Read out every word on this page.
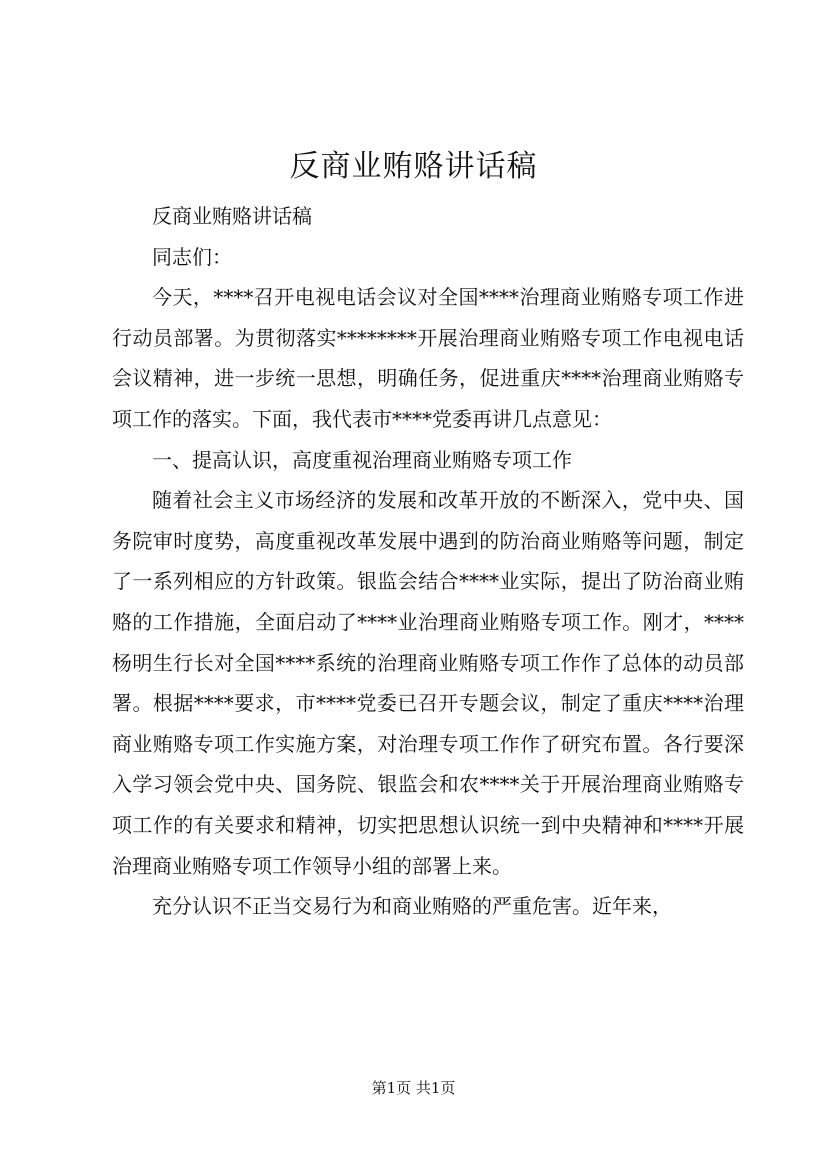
反商业贿赂讲话稿

反商业贿赂讲话稿

同志们：

今天，****召开电视电话会议对全国****治理商业贿赂专项工作进行动员部署。为贯彻落实********开展治理商业贿赂专项工作电视电话会议精神，进一步统一思想，明确任务，促进重庆****治理商业贿赂专项工作的落实。下面，我代表市****党委再讲几点意见：

一、提高认识，高度重视治理商业贿赂专项工作

随着社会主义市场经济的发展和改革开放的不断深入，党中央、国务院审时度势，高度重视改革发展中遇到的防治商业贿赂等问题，制定了一系列相应的方针政策。银监会结合****业实际，提出了防治商业贿赂的工作措施，全面启动了****业治理商业贿赂专项工作。刚才，****杨明生行长对全国****系统的治理商业贿赂专项工作作了总体的动员部署。根据****要求，市****党委已召开专题会议，制定了重庆****治理商业贿赂专项工作实施方案，对治理专项工作作了研究布置。各行要深入学习领会党中央、国务院、银监会和农****关于开展治理商业贿赂专项工作的有关要求和精神，切实把思想认识统一到中央精神和****开展治理商业贿赂专项工作领导小组的部署上来。

充分认识不正当交易行为和商业贿赂的严重危害。近年来，

第1页 共1页
